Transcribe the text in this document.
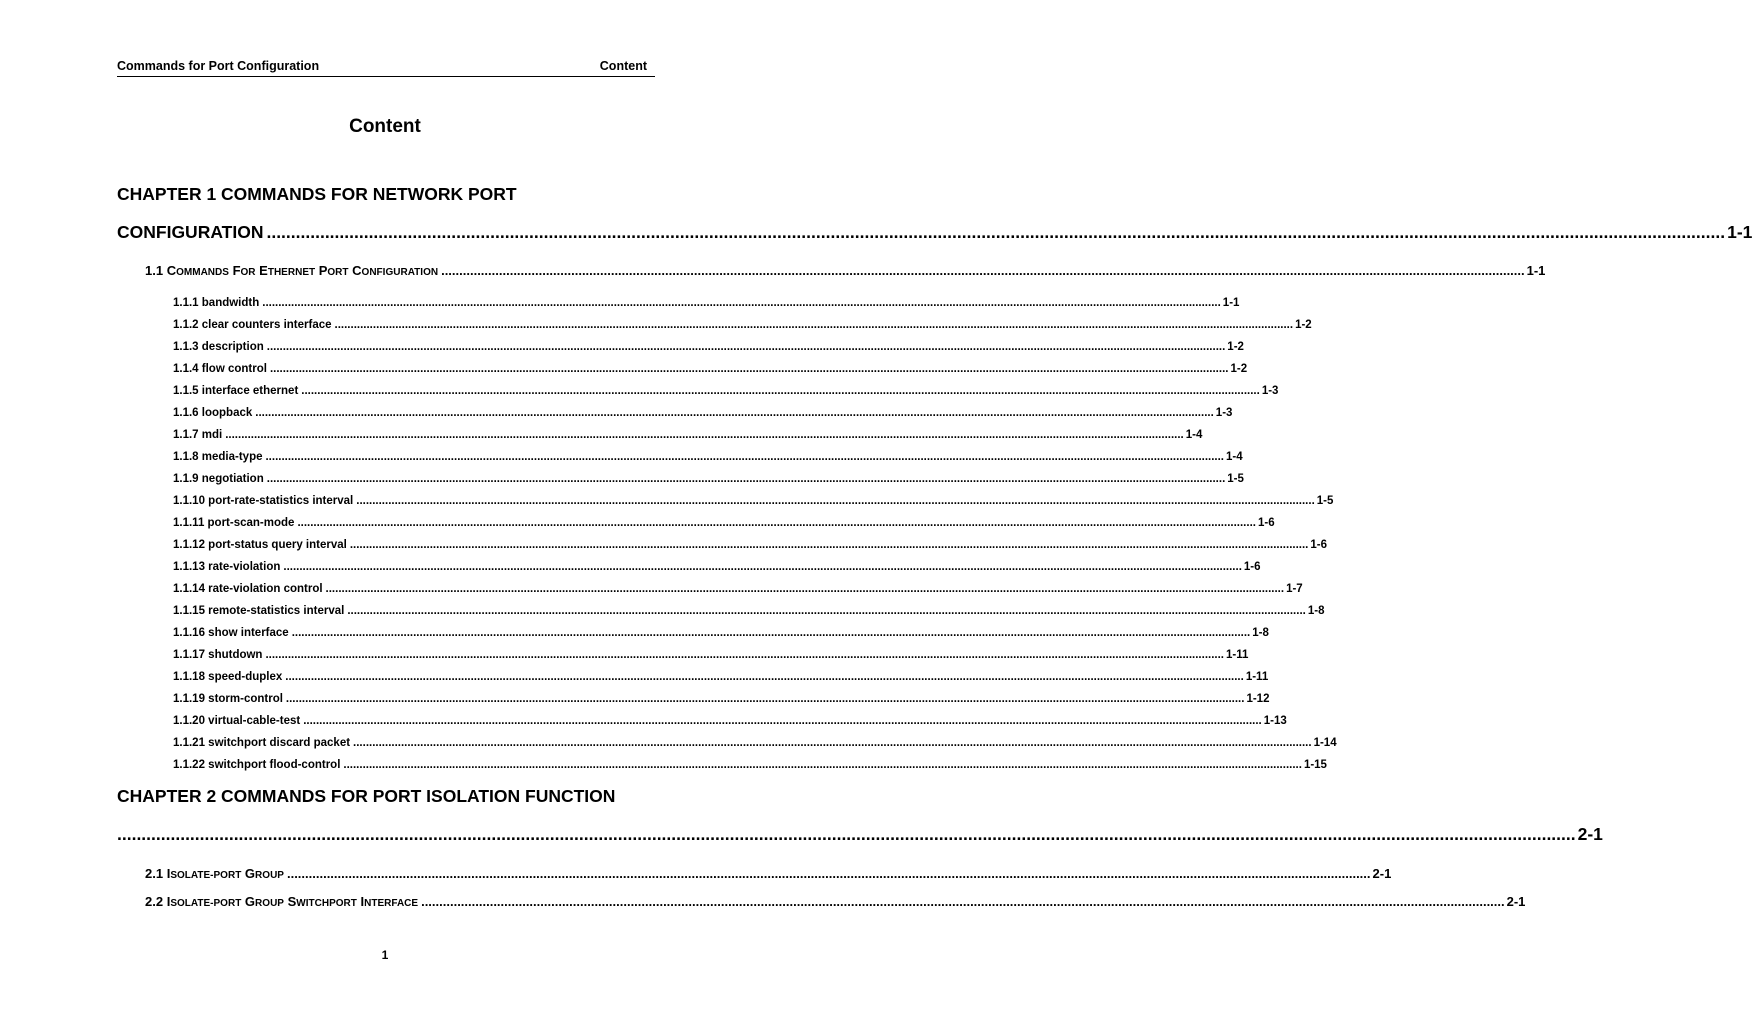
Commands for Port Configuration	Content
Content
CHAPTER 1 COMMANDS FOR NETWORK PORT
CONFIGURATION ............................................................................................................................................................................................................................................................................................................ 1-1
1.1 COMMANDS FOR ETHERNET PORT CONFIGURATION ............................................................................................................................................................................................................................................................................................................ 1-1
1.1.1 bandwidth ............................................................................................................................................................................................................................................................................................................ 1-1
1.1.2 clear counters interface ............................................................................................................................................................................................................................................................................................................ 1-2
1.1.3 description ............................................................................................................................................................................................................................................................................................................ 1-2
1.1.4 flow control ............................................................................................................................................................................................................................................................................................................ 1-2
1.1.5 interface ethernet ............................................................................................................................................................................................................................................................................................................ 1-3
1.1.6 loopback ............................................................................................................................................................................................................................................................................................................ 1-3
1.1.7 mdi ............................................................................................................................................................................................................................................................................................................ 1-4
1.1.8 media-type ............................................................................................................................................................................................................................................................................................................ 1-4
1.1.9 negotiation ............................................................................................................................................................................................................................................................................................................ 1-5
1.1.10 port-rate-statistics interval ............................................................................................................................................................................................................................................................................................................ 1-5
1.1.11 port-scan-mode ............................................................................................................................................................................................................................................................................................................ 1-6
1.1.12 port-status query interval ............................................................................................................................................................................................................................................................................................................ 1-6
1.1.13 rate-violation ............................................................................................................................................................................................................................................................................................................ 1-6
1.1.14 rate-violation control ............................................................................................................................................................................................................................................................................................................ 1-7
1.1.15 remote-statistics interval ............................................................................................................................................................................................................................................................................................................ 1-8
1.1.16 show interface ............................................................................................................................................................................................................................................................................................................ 1-8
1.1.17 shutdown ............................................................................................................................................................................................................................................................................................................ 1-11
1.1.18 speed-duplex ............................................................................................................................................................................................................................................................................................................ 1-11
1.1.19 storm-control ............................................................................................................................................................................................................................................................................................................ 1-12
1.1.20 virtual-cable-test ............................................................................................................................................................................................................................................................................................................ 1-13
1.1.21 switchport discard packet ............................................................................................................................................................................................................................................................................................................ 1-14
1.1.22 switchport flood-control ............................................................................................................................................................................................................................................................................................................ 1-15
CHAPTER 2 COMMANDS FOR PORT ISOLATION FUNCTION
............................................................................................................................................................................................................................................................................................................ 2-1
2.1 ISOLATE-PORT GROUP ............................................................................................................................................................................................................................................................................................................ 2-1
2.2 ISOLATE-PORT GROUP SWITCHPORT INTERFACE ............................................................................................................................................................................................................................................................................................................ 2-1
1
